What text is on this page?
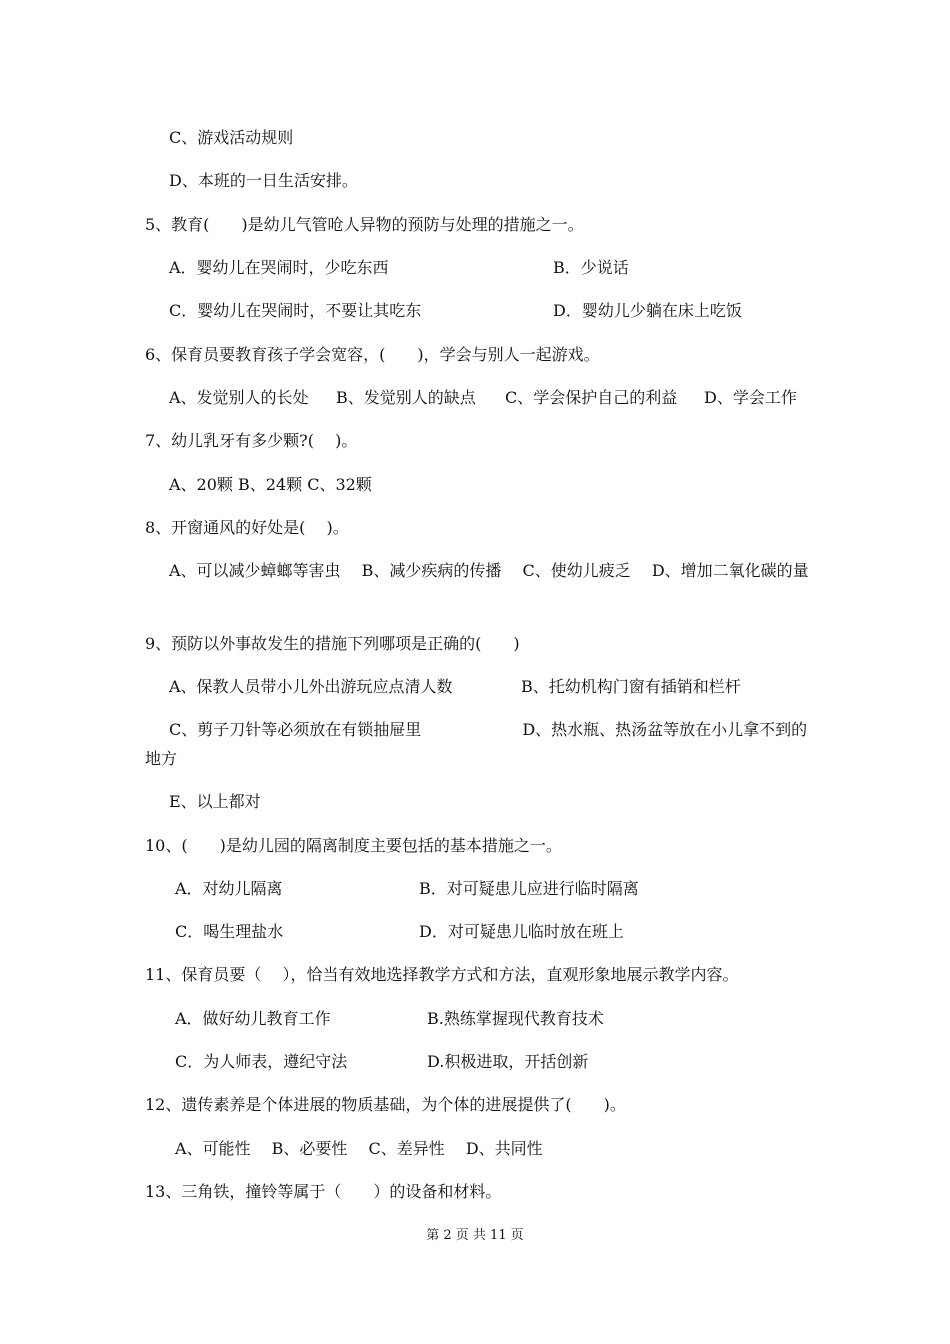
C、游戏活动规则
D、本班的一日生活安排。
5、教育(　　)是幼儿气管呛人异物的预防与处理的措施之一。
A．婴幼儿在哭闹时，少吃东西	B．少说话
C．婴幼儿在哭闹时，不要让其吃东	D．婴幼儿少躺在床上吃饭
6、保育员要教育孩子学会宽容，(　　)，学会与别人一起游戏。
A、发觉别人的长处 B、发觉别人的缺点 C、学会保护自己的利益 D、学会工作
7、幼儿乳牙有多少颗?(　 )。
A、20颗 B、24颗 C、32颗
8、开窗通风的好处是(　 )。
A、可以减少蟑螂等害虫　 B、减少疾病的传播　 C、使幼儿疲乏　 D、增加二氧化碳的量
9、预防以外事故发生的措施下列哪项是正确的(　　)
A、保教人员带小儿外出游玩应点清人数	B、托幼机构门窗有插销和栏杆
C、剪子刀针等必须放在有锁抽屉里　　　　　　 D、热水瓶、热汤盆等放在小儿拿不到的地方
E、以上都对
10、(　　)是幼儿园的隔离制度主要包括的基本措施之一。
A．对幼儿隔离	B．对可疑患儿应进行临时隔离
C．喝生理盐水	D．对可疑患儿临时放在班上
11、保育员要（　 ），恰当有效地选择教学方式和方法，直观形象地展示教学内容。
A．做好幼儿教育工作	B.熟练掌握现代教育技术
C．为人师表，遵纪守法	D.积极进取，开括创新
12、遗传素养是个体进展的物质基础，为个体的进展提供了(　　)。
A、可能性　 B、必要性　 C、差异性　 D、共同性
13、三角铁，撞铃等属于（　　）的设备和材料。
第 2 页 共 11 页
